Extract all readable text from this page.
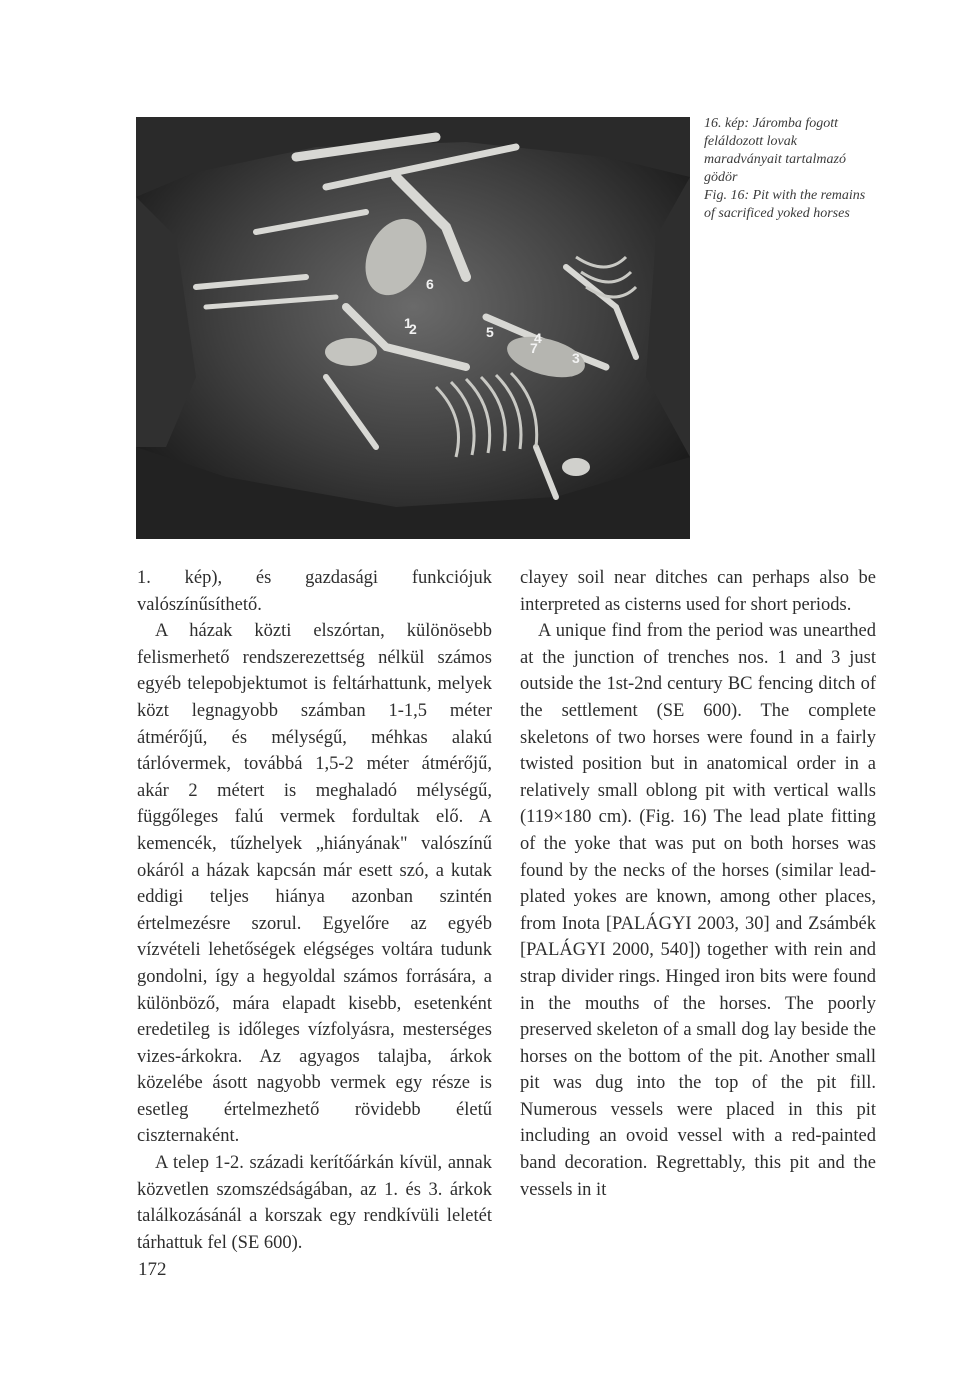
1
2
3
4
5
6
7

16. kép: Járomba fogott feláldozott lovak maradványait tartalmazó gödör

Fig. 16: Pit with the remains of sacrificed yoked horses

1. kép), és gazdasági funkciójuk valószínűsíthető.

A házak közti elszórtan, különösebb felismerhető rendszerezettség nélkül számos egyéb telepobjektumot is feltárhattunk, melyek közt legnagyobb számban 1-1,5 méter átmérőjű, és mélységű, méhkas alakú tárlóvermek, továbbá 1,5-2 méter átmérőjű, akár 2 métert is meghaladó mélységű, függőleges falú vermek fordultak elő. A kemencék, tűzhelyek „hiányának" valószínű okáról a házak kapcsán már esett szó, a kutak eddigi teljes hiánya azonban szintén értelmezésre szorul. Egyelőre az egyéb vízvételi lehetőségek elégséges voltára tudunk gondolni, így a hegyoldal számos forrására, a különböző, mára elapadt kisebb, esetenként eredetileg is időleges vízfolyásra, mesterséges vizes-árkokra. Az agyagos talajba, árkok közelébe ásott nagyobb vermek egy része is esetleg értelmezhető rövidebb életű ciszternaként.

A telep 1-2. századi kerítőárkán kívül, annak közvetlen szomszédságában, az 1. és 3. árkok találkozásánál a korszak egy rendkívüli leletét tárhattuk fel (SE 600).

clayey soil near ditches can perhaps also be interpreted as cisterns used for short periods.

A unique find from the period was unearthed at the junction of trenches nos. 1 and 3 just outside the 1st-2nd century BC fencing ditch of the settlement (SE 600). The complete skeletons of two horses were found in a fairly twisted position but in anatomical order in a relatively small oblong pit with vertical walls (119×180 cm). (Fig. 16) The lead plate fitting of the yoke that was put on both horses was found by the necks of the horses (similar lead-plated yokes are known, among other places, from Inota [PALÁGYI 2003, 30] and Zsámbék [PALÁGYI 2000, 540]) together with rein and strap divider rings. Hinged iron bits were found in the mouths of the horses. The poorly preserved skeleton of a small dog lay beside the horses on the bottom of the pit. Another small pit was dug into the top of the pit fill. Numerous vessels were placed in this pit including an ovoid vessel with a red-painted band decoration. Regrettably, this pit and the vessels in it

172
